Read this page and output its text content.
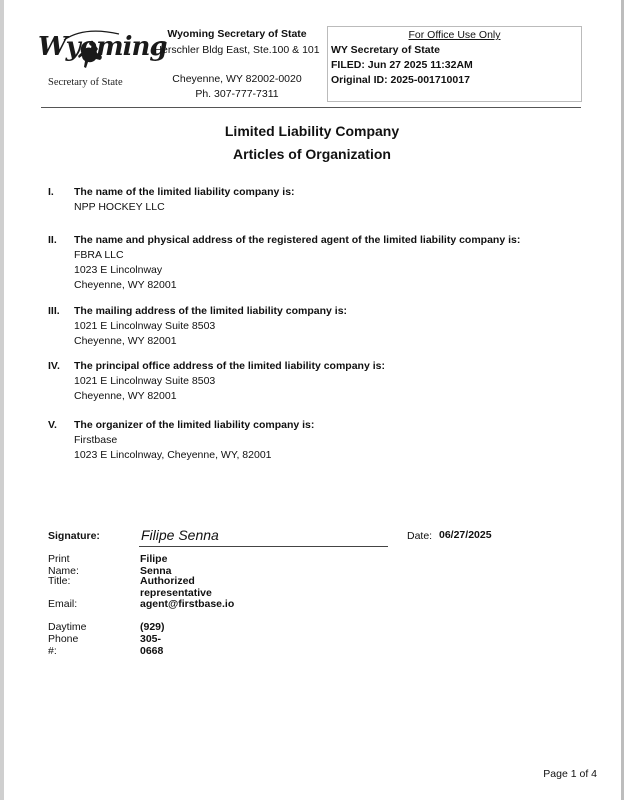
Wyoming
Secretary of State
Wyoming Secretary of State
Herschler Bldg East, Ste.100 & 101
Cheyenne, WY 82002-0020
Ph. 307-777-7311
For Office Use Only
WY Secretary of State
FILED: Jun 27 2025 11:32AM
Original ID: 2025-001710017
Limited Liability Company
Articles of Organization
I. The name of the limited liability company is:
NPP HOCKEY LLC
II. The name and physical address of the registered agent of the limited liability company is:
FBRA LLC
1023 E Lincolnway
Cheyenne, WY 82001
III. The mailing address of the limited liability company is:
1021 E Lincolnway Suite 8503
Cheyenne, WY 82001
IV. The principal office address of the limited liability company is:
1021 E Lincolnway Suite 8503
Cheyenne, WY 82001
V. The organizer of the limited liability company is:
Firstbase
1023 E Lincolnway, Cheyenne, WY, 82001
Signature:	Filipe Senna	Date: 06/27/2025
Print Name:
Filipe Senna
Title:	Authorized representative
Email:	agent@firstbase.io
Daytime Phone #:
(929) 305-0668
Page 1 of 4
